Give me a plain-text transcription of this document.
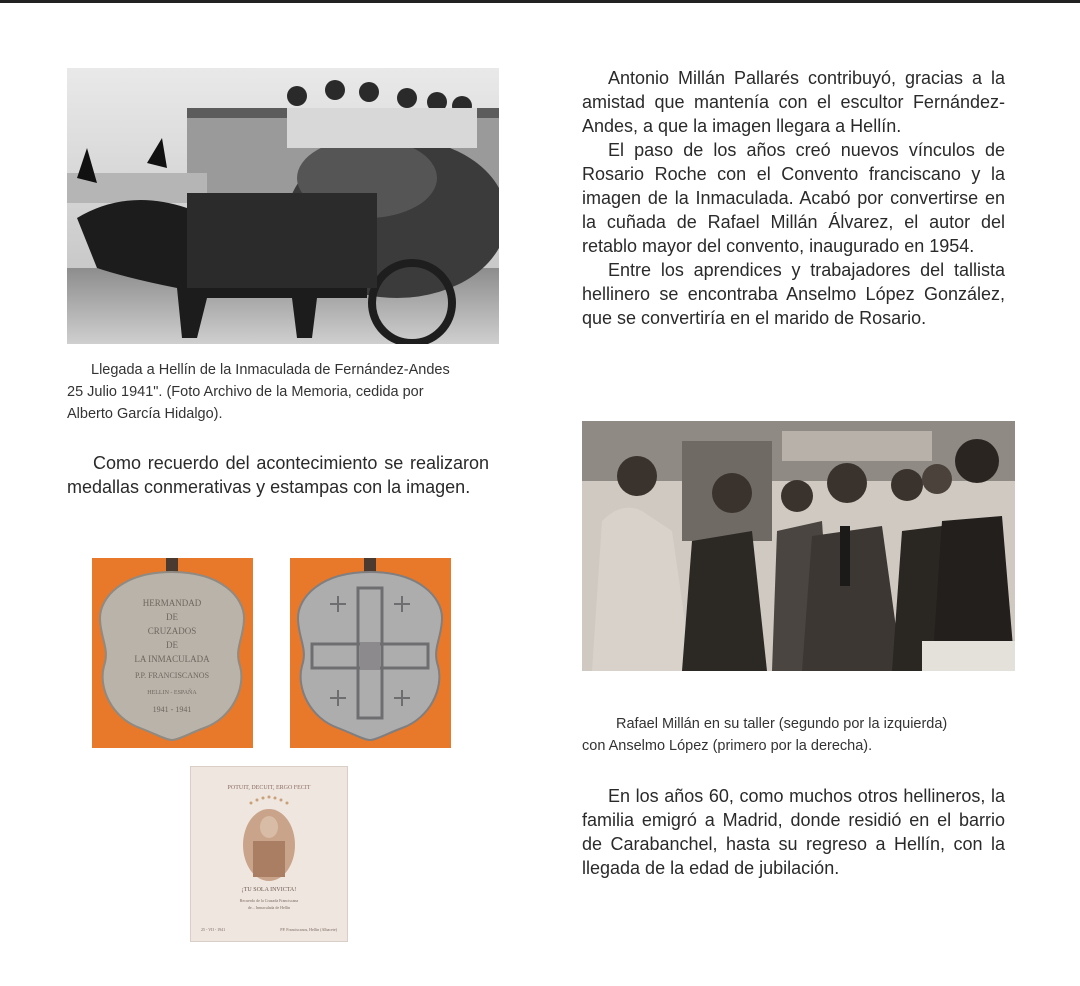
Llegada a Hellín de la Inmaculada de Fernández-Andes

25 Julio 1941". (Foto Archivo de la Memoria, cedida por

Alberto García Hidalgo).

Como recuerdo del acontecimiento se realizaron medallas conmerativas y estampas con la imagen.

HERMANDAD
DE
CRUZADOS
DE
LA INMACULADA
P.P. FRANCISCANOS
HELLIN - ESPAÑA
1941 - 1941
POTUIT, DECUIT, ERGO FECIT
¡TU SOLA INVICTA!
Recuerdo de la Cruzada Franciscana
de... Inmaculada de Hellín
25 - VII - 1941	PP. Franciscanos, Hellín (Albacete)

Antonio Millán Pallarés contribuyó, gracias a la amistad que mantenía con el escultor Fernández-Andes, a que la imagen llegara a Hellín.

El paso de los años creó nuevos vínculos de Rosario Roche con el Convento franciscano y la imagen de la Inmaculada. Acabó por convertirse en la cuñada de Rafael Millán Álvarez, el autor del retablo mayor del convento, inaugurado en 1954.

Entre los aprendices y trabajadores del tallista hellinero se encontraba Anselmo López González, que se convertiría en el marido de Rosario.

Rafael Millán en su taller (segundo por la izquierda)

con Anselmo López (primero por la derecha).

En los años 60, como muchos otros hellineros, la familia emigró a Madrid, donde residió en el barrio de Carabanchel, hasta su regreso a Hellín, con la llegada de la edad de jubilación.
